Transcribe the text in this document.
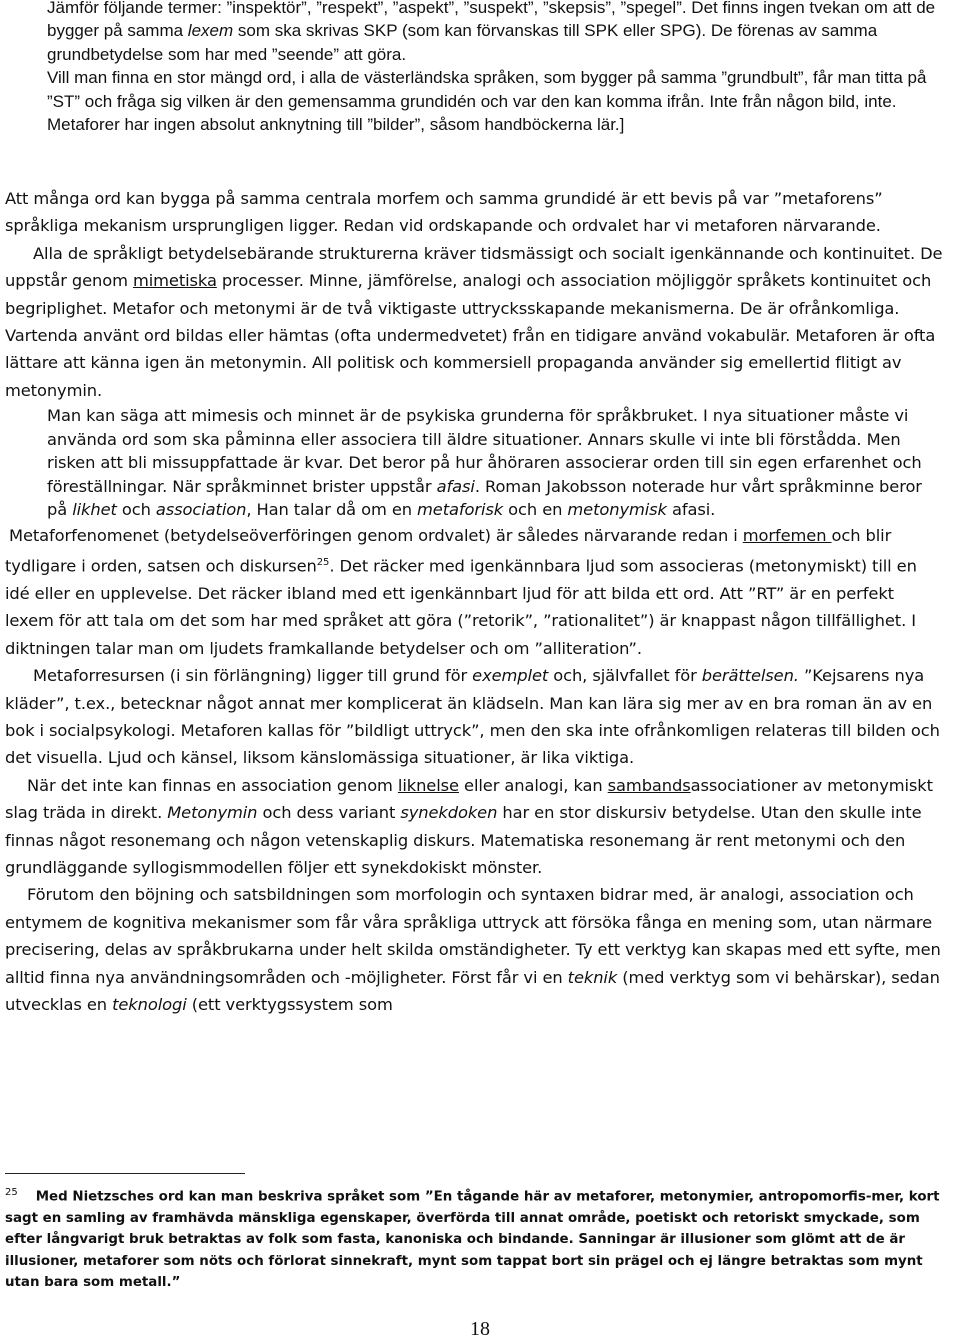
Jämför följande termer: ”inspektör”, ”respekt”, ”aspekt”, ”suspekt”, ”skepsis”, ”spegel”. Det finns ingen tvekan om att de bygger på samma lexem som ska skrivas SKP (som kan förvanskas till SPK eller SPG). De förenas av samma grundbetydelse som har med ”seende” att göra.

Vill man finna en stor mängd ord, i alla de västerländska språken, som bygger på samma ”grundbult”, får man titta på ”ST” och fråga sig vilken är den gemensamma grundidén och var den kan komma ifrån. Inte från någon bild, inte. Metaforer har ingen absolut anknytning till ”bilder”, såsom handböckerna lär.]

Att många ord kan bygga på samma centrala morfem och samma grundidé är ett bevis på var ”metaforens” språkliga mekanism ursprungligen ligger. Redan vid ordskapande och ordvalet har vi metaforen närvarande.

Alla de språkligt betydelsebärande strukturerna kräver tidsmässigt och socialt igenkännande och kontinuitet. De uppstår genom mimetiska processer. Minne, jämförelse, analogi och association möjliggör språkets kontinuitet och begriplighet. Metafor och metonymi är de två viktigaste uttrycksskapande mekanismerna. De är ofrånkomliga. Vartenda använt ord bildas eller hämtas (ofta undermedvetet) från en tidigare använd vokabulär. Metaforen är ofta lättare att känna igen än metonymin. All politisk och kommersiell propaganda använder sig emellertid flitigt av metonymin.

Man kan säga att mimesis och minnet är de psykiska grunderna för språkbruket. I nya situationer måste vi använda ord som ska påminna eller associera till äldre situationer. Annars skulle vi inte bli förstådda. Men risken att bli missuppfattade är kvar. Det beror på hur åhöraren associerar orden till sin egen erfarenhet och föreställningar. När språkminnet brister uppstår afasi. Roman Jakobsson noterade hur vårt språkminne beror på likhet och association, Han talar då om en metaforisk och en metonymisk afasi.

Metaforfenomenet (betydelseöverföringen genom ordvalet) är således närvarande redan i morfemen och blir tydligare i orden, satsen och diskursen$^{25}$. Det räcker med igenkännbara ljud som associeras (metonymiskt) till en idé eller en upplevelse. Det räcker ibland med ett igenkännbart ljud för att bilda ett ord. Att ”RT” är en perfekt lexem för att tala om det som har med språket att göra (”retorik”, ”rationalitet”) är knappast någon tillfällighet. I diktningen talar man om ljudets framkallande betydelser och om ”alliteration”.

Metaforresursen (i sin förlängning) ligger till grund för exemplet och, självfallet för berättelsen. ”Kejsarens nya kläder”, t.ex., betecknar något annat mer komplicerat än klädseln. Man kan lära sig mer av en bra roman än av en bok i socialpsykologi. Metaforen kallas för ”bildligt uttryck”, men den ska inte ofrånkomligen relateras till bilden och det visuella. Ljud och känsel, liksom känslomässiga situationer, är lika viktiga.

När det inte kan finnas en association genom liknelse eller analogi, kan sambandsassociationer av metonymiskt slag träda in direkt. Metonymin och dess variant synekdoken har en stor diskursiv betydelse. Utan den skulle inte finnas något resonemang och någon vetenskaplig diskurs. Matematiska resonemang är rent metonymi och den grundläggande syllogismmodellen följer ett synekdokiskt mönster.

Förutom den böjning och satsbildningen som morfologin och syntaxen bidrar med, är analogi, association och entymem de kognitiva mekanismer som får våra språkliga uttryck att försöka fånga en mening som, utan närmare precisering, delas av språkbrukarna under helt skilda omständigheter. Ty ett verktyg kan skapas med ett syfte, men alltid finna nya användningsområden och -möjligheter. Först får vi en teknik (med verktyg som vi behärskar), sedan utvecklas en teknologi (ett verktygssystem som

$^{25}$ Med Nietzsches ord kan man beskriva språket som ”En tågande här av metaforer, metonymier, antropomorfis-mer, kort sagt en samling av framhävda mänskliga egenskaper, överförda till annat område, poetiskt och retoriskt smyckade, som efter långvarigt bruk betraktas av folk som fasta, kanoniska och bindande. Sanningar är illusioner som glömt att de är illusioner, metaforer som nöts och förlorat sinnekraft, mynt som tappat bort sin prägel och ej längre betraktas som mynt utan bara som metall.”
18
